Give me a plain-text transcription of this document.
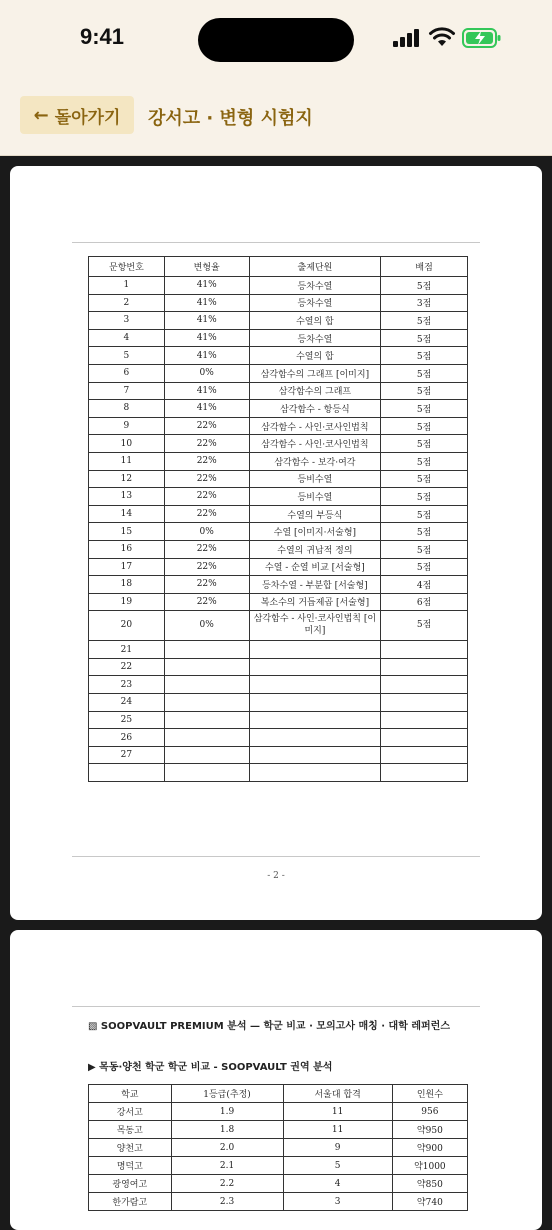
9:41
← 돌아가기 강서고 · 변형 시험지
문항번호	변형율	출제단원	배점
1	41%	등차수열	5점
2	41%	등차수열	3점
3	41%	수열의 합	5점
4	41%	등차수열	5점
5	41%	수열의 합	5점
6	0%	삼각함수의 그래프 [이미지]	5점
7	41%	삼각함수의 그래프	5점
8	41%	삼각함수 - 항등식	5점
9	22%	삼각함수 - 사인·코사인법칙	5점
10	22%	삼각함수 - 사인·코사인법칙	5점
11	22%	삼각함수 - 보각·여각	5점
12	22%	등비수열	5점
13	22%	등비수열	5점
14	22%	수열의 부등식	5점
15	0%	수열 [이미지·서술형]	5점
16	22%	수열의 귀납적 정의	5점
17	22%	수열 - 순열 비교 [서술형]	5점
18	22%	등차수열 - 부분합 [서술형]	4점
19	22%	복소수의 거듭제곱 [서술형]	6점
20	0%	삼각함수 - 사인·코사인법칙 [이미지]	5점
21			
22			
23			
24			
25			
26			
27			

- 2 -
▧ SOOPVAULT PREMIUM 분석 — 학군 비교 · 모의고사 매칭 · 대학 레퍼런스
▶ 목동·양천 학군 학군 비교 - SOOPVAULT 권역 분석
학교	1등급(추정)	서울대 합격	인원수
강서고	1.9	11	956
목동고	1.8	11	약950
양천고	2.0	9	약900
명덕고	2.1	5	약1000
광영여고	2.2	4	약850
한가람고	2.3	3	약740
